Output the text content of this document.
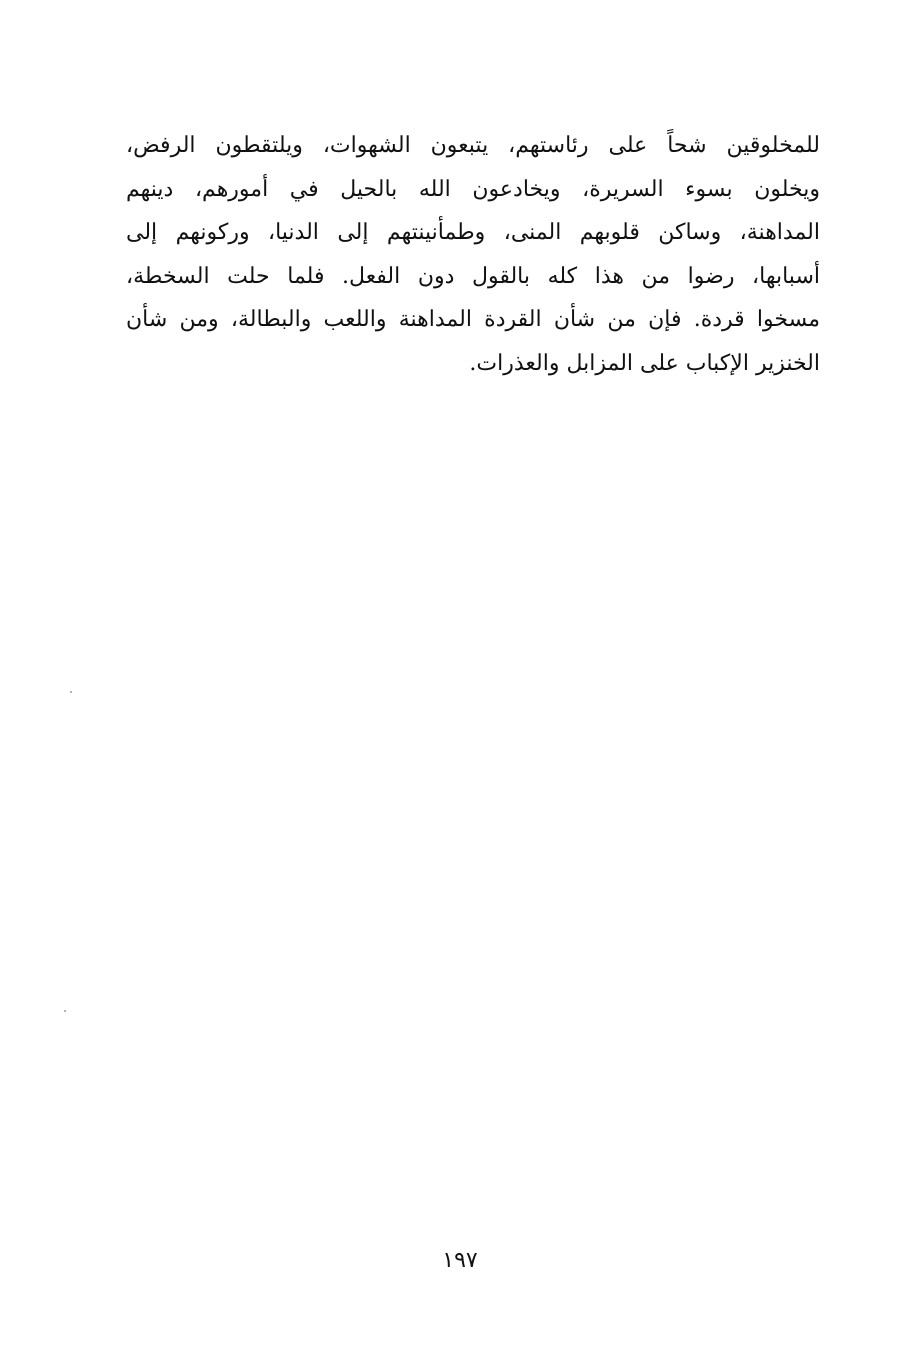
للمخلوقين شحاً على رئاستهم، يتبعون الشهوات، ويلتقطون الرفض،
ويخلون بسوء السريرة، ويخادعون الله بالحيل في أمورهم، دينهم
المداهنة، وساكن قلوبهم المنى، وطمأنينتهم إلى الدنيا، وركونهم إلى
أسبابها، رضوا من هذا كله بالقول دون الفعل. فلما حلت السخطة،
مسخوا قردة. فإن من شأن القردة المداهنة واللعب والبطالة، ومن شأن
الخنزير الإكباب على المزابل والعذرات.
١٩٧
